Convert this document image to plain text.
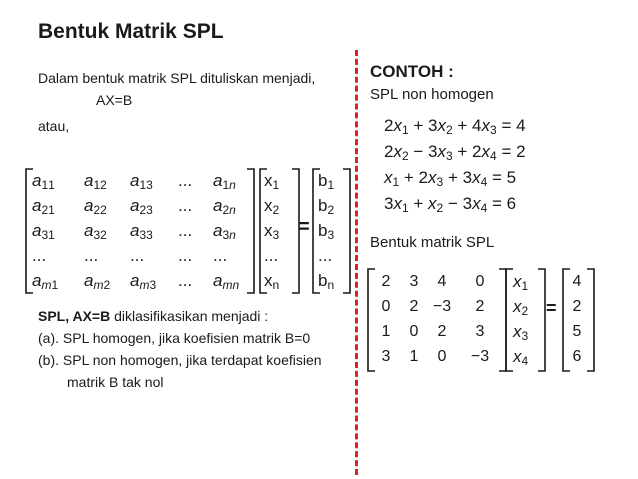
Bentuk Matrik SPL
Dalam bentuk matrik SPL dituliskan menjadi,
AX=B
atau,
$a_{11}$ $a_{12}$ $a_{13}$ ... $a_{1n}$
$a_{21}$ $a_{22}$ $a_{23}$ ... $a_{2n}$
$a_{31}$ $a_{32}$ $a_{33}$ ... $a_{3n}$
... ... ... ... ...
$a_{m1}$ $a_{m2}$ $a_{m3}$ ... $a_{mn}$
$x_1$
$x_2$
$x_3$
...
$x_n$
=
$b_1$
$b_2$
$b_3$
...
$b_n$
SPL, AX=B diklasifikasikan menjadi :
(a). SPL homogen, jika koefisien matrik B=0
(b). SPL non homogen, jika terdapat koefisien
matrik B tak nol
CONTOH :
SPL non homogen
$2x_1 + 3x_2 + 4x_3 = 4$
$2x_2 - 3x_3 + 2x_4 = 2$
$x_1 + 2x_3 + 3x_4 = 5$
$3x_1 + x_2 - 3x_4 = 6$
Bentuk matrik SPL
2	3	4	0
0	2 −3	2
1	0	2	3
3	1	0	−3
$x_1$
$x_2$
$x_3$
$x_4$
=
4
2
5
6
